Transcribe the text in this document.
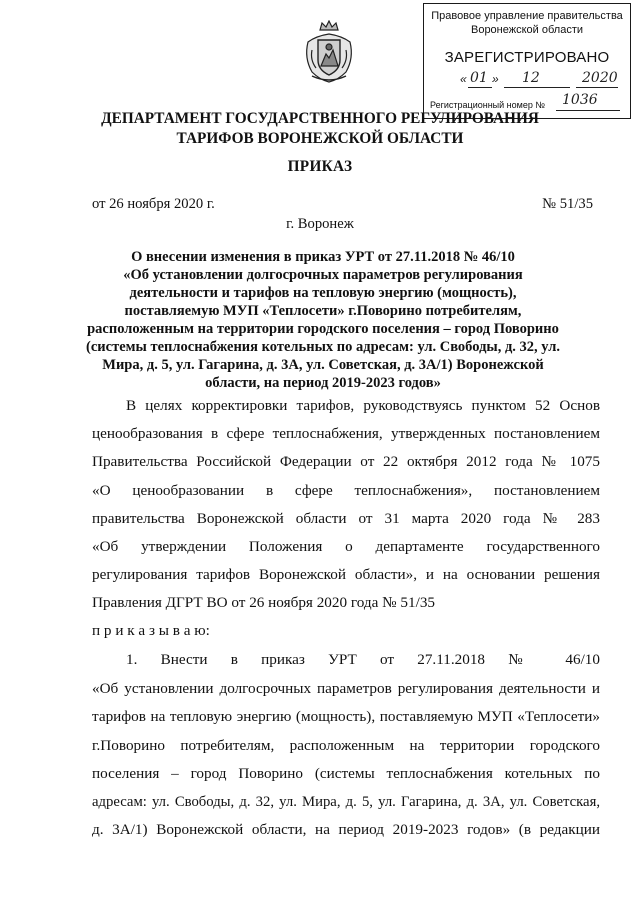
Правовое управление правительства
Воронежской области
ЗАРЕГИСТРИРОВАНО
« 01 » 12	2020
Регистрационный номер № 1036
ДЕПАРТАМЕНТ ГОСУДАРСТВЕННОГО РЕГУЛИРОВАНИЯ
ТАРИФОВ ВОРОНЕЖСКОЙ ОБЛАСТИ
ПРИКАЗ
от 26 ноября 2020 г.	№ 51/35
г. Воронеж
О внесении изменения в приказ УРТ от 27.11.2018 № 46/10
«Об установлении долгосрочных параметров регулирования
деятельности и тарифов на тепловую энергию (мощность),
поставляемую МУП «Теплосети» г.Поворино потребителям,
расположенным на территории городского поселения – город Поворино
(системы теплоснабжения котельных по адресам: ул. Свободы, д. 32, ул.
Мира, д. 5, ул. Гагарина, д. 3А, ул. Советская, д. 3А/1) Воронежской
области, на период 2019-2023 годов»
В целях корректировки тарифов, руководствуясь пунктом 52 Основ
ценообразования в сфере теплоснабжения, утвержденных постановлением
Правительства Российской Федерации от 22 октября 2012 года № 1075
«О ценообразовании в сфере теплоснабжения», постановлением
правительства Воронежской области от 31 марта 2020 года № 283
«Об утверждении Положения о департаменте государственного
регулирования тарифов Воронежской области», и на основании решения
Правления ДГРТ ВО от 26 ноября 2020 года № 51/35
п р и к а з ы в а ю:
1. Внести в приказ УРТ от 27.11.2018 № 46/10
«Об установлении долгосрочных параметров регулирования деятельности и
тарифов на тепловую энергию (мощность), поставляемую МУП «Теплосети»
г.Поворино потребителям, расположенным на территории городского
поселения – город Поворино (системы теплоснабжения котельных по
адресам: ул. Свободы, д. 32, ул. Мира, д. 5, ул. Гагарина, д. 3А, ул. Советская,
д. 3А/1) Воронежской области, на период 2019-2023 годов» (в редакции
